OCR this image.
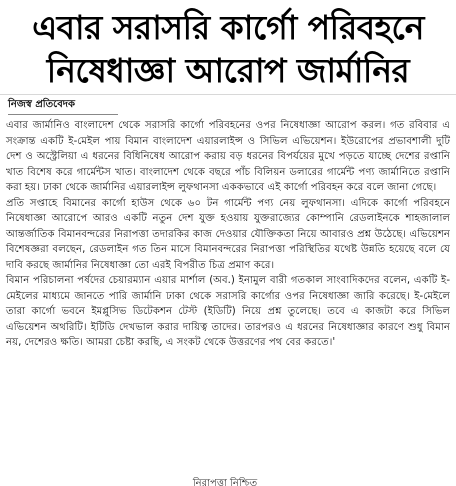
এবার সরাসরি কার্গো পরিবহনে
নিষেধাজ্ঞা আরোপ জার্মানির
নিজস্ব প্রতিবেদক

এবার জার্মানিও বাংলাদেশ থেকে সরাসরি কার্গো পরিবহনের ওপর নিষেধাজ্ঞা আরোপ করল। গত রবিবার এ সংক্রান্ত একটি ই-মেইল পায় বিমান বাংলাদেশ এয়ারলাইন্স ও সিভিল এভিয়েশন। ইউরোপের প্রভাবশালী দুটি দেশ ও অস্ট্রেলিয়া এ ধরনের বিধিনিষেধ আরোপ করায় বড় ধরনের বিপর্যয়ের মুখে পড়তে যাচ্ছে দেশের রপ্তানি খাত বিশেষ করে গার্মেন্টস খাত। বাংলাদেশ থেকে বছরে পাঁচ বিলিয়ন ডলারের গার্মেন্ট পণ্য জার্মানিতে রপ্তানি করা হয়। ঢাকা থেকে জার্মানির এয়ারলাইন্স লুফথানসা এককভাবে এই কার্গো পরিবহন করে বলে জানা গেছে।

প্রতি সপ্তাহে বিমানের কার্গো হাউস থেকে ৬০ টন গার্মেন্ট পণ্য নেয় লুফথানসা। এদিকে কার্গো পরিবহনে নিষেধাজ্ঞা আরোপে আরও একটি নতুন দেশ যুক্ত হওয়ায় যুক্তরাজ্যের কোম্পানি রেডলাইনকে শাহজালাল আন্তর্জাতিক বিমানবন্দরের নিরাপত্তা তদারকির কাজ দেওয়ার যৌক্তিকতা নিয়ে আবারও প্রশ্ন উঠেছে। এভিয়েশন বিশেষজ্ঞরা বলছেন, রেডলাইন গত তিন মাসে বিমানবন্দরের নিরাপত্তা পরিস্থিতির যথেষ্ট উন্নতি হয়েছে বলে যে দাবি করছে জার্মানির নিষেধাজ্ঞা তো এরই বিপরীত চিত্র প্রমাণ করে।

বিমান পরিচালনা পর্ষদের চেয়ারম্যান এয়ার মার্শাল (অব.) ইনামুল বারী গতকাল সাংবাদিকদের বলেন, একটি ই-মেইলের মাধ্যমে জানতে পারি জার্মানি ঢাকা থেকে সরাসরি কার্গোর ওপর নিষেধাজ্ঞা জারি করেছে। ই-মেইলে তারা কার্গো ভবনে ইমপ্লুসিভ ডিটেকশন টেস্ট (ইডিটি) নিয়ে প্রশ্ন তুলেছে। তবে এ কাজটা করে সিভিল এভিয়েশন অথরিটি। ইটিডি দেখভাল করার দায়িত্ব তাদের। তারপরও এ ধরনের নিষেধাজ্ঞার কারণে শুধু বিমান নয়, দেশেরও ক্ষতি। আমরা চেষ্টা করছি, এ সংকট থেকে উত্তরণের পথ বের করতে।'

নিরাপত্তা নিশ্চিত
